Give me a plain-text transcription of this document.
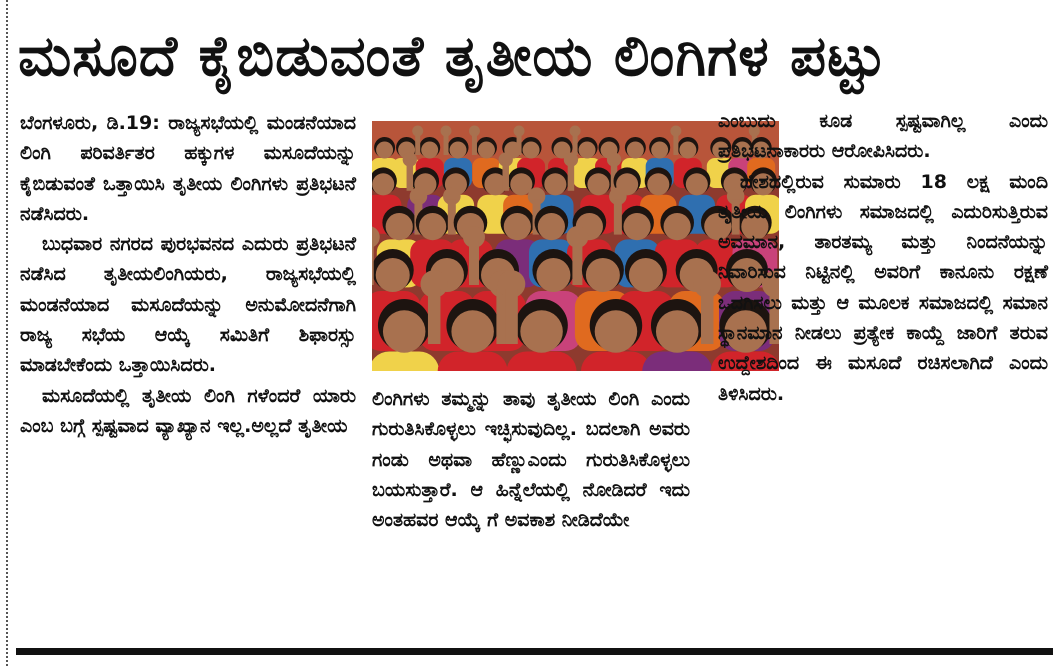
ಮಸೂದೆ ಕೈಬಿಡುವಂತೆ ತೃತೀಯ ಲಿಂಗಿಗಳ ಪಟ್ಟು

ಬೆಂಗಳೂರು, ಡಿ.19: ರಾಜ್ಯಸಭೆಯಲ್ಲಿ ಮಂಡನೆಯಾದ ಲಿಂಗಿ ಪರಿವರ್ತಿತರ ಹಕ್ಕುಗಳ ಮಸೂದೆಯನ್ನು ಕೈಬಿಡುವಂತೆ ಒತ್ತಾಯಿಸಿ ತೃತೀಯ ಲಿಂಗಿಗಳು ಪ್ರತಿಭಟನೆ ನಡೆಸಿದರು.

ಬುಧವಾರ ನಗರದ ಪುರಭವನದ ಎದುರು ಪ್ರತಿಭಟನೆ ನಡೆಸಿದ ತೃತೀಯಲಿಂಗಿಯರು, ರಾಜ್ಯಸಭೆಯಲ್ಲಿ ಮಂಡನೆಯಾದ ಮಸೂದೆಯನ್ನು ಅನುಮೋದನೆಗಾಗಿ ರಾಜ್ಯ ಸಭೆಯ ಆಯ್ಕೆ ಸಮಿತಿಗೆ ಶಿಫಾರಸ್ಸು ಮಾಡಬೇಕೆಂದು ಒತ್ತಾಯಿಸಿದರು.

ಮಸೂದೆಯಲ್ಲಿ ತೃತೀಯ ಲಿಂಗಿ ಗಳೆಂದರೆ ಯಾರು ಎಂಬ ಬಗ್ಗೆ ಸ್ಪಷ್ಟವಾದ ವ್ಯಾಖ್ಯಾನ ಇಲ್ಲ.ಅಲ್ಲದೆ ತೃತೀಯ

ಲಿಂಗಿಗಳು ತಮ್ಮನ್ನು ತಾವು ತೃತೀಯ ಲಿಂಗಿ ಎಂದು ಗುರುತಿಸಿಕೊಳ್ಳಲು ಇಚ್ಛಿಸುವುದಿಲ್ಲ. ಬದಲಾಗಿ ಅವರು ಗಂಡು ಅಥವಾ ಹೆಣ್ಣುಎಂದು ಗುರುತಿಸಿಕೊಳ್ಳಲು ಬಯಸುತ್ತಾರೆ. ಆ ಹಿನ್ನೆಲೆಯಲ್ಲಿ ನೋಡಿದರೆ ಇದು ಅಂತಹವರ ಆಯ್ಕೆ ಗೆ ಅವಕಾಶ ನೀಡಿದೆಯೇ

ಎಂಬುದು ಕೂಡ ಸ್ಪಷ್ಟವಾಗಿಲ್ಲ ಎಂದು ಪ್ರತಿಭಟನಾಕಾರರು ಆರೋಪಿಸಿದರು.

ದೇಶದಲ್ಲಿರುವ ಸುಮಾರು 18 ಲಕ್ಷ ಮಂದಿ ತೃತೀಯ ಲಿಂಗಿಗಳು ಸಮಾಜದಲ್ಲಿ ಎದುರಿಸುತ್ತಿರುವ ಅವಮಾನ, ತಾರತಮ್ಯ ಮತ್ತು ನಿಂದನೆಯನ್ನು ನಿವಾರಿಸುವ ನಿಟ್ಟಿನಲ್ಲಿ ಅವರಿಗೆ ಕಾನೂನು ರಕ್ಷಣೆ ಒದಗಿಸಲು ಮತ್ತು ಆ ಮೂಲಕ ಸಮಾಜದಲ್ಲಿ ಸಮಾನ ಸ್ಥಾನಮಾನ ನೀಡಲು ಪ್ರತ್ಯೇಕ ಕಾಯ್ದೆ ಜಾರಿಗೆ ತರುವ ಉದ್ದೇಶದಿಂದ ಈ ಮಸೂದೆ ರಚಿಸಲಾಗಿದೆ ಎಂದು ತಿಳಿಸಿದರು.
